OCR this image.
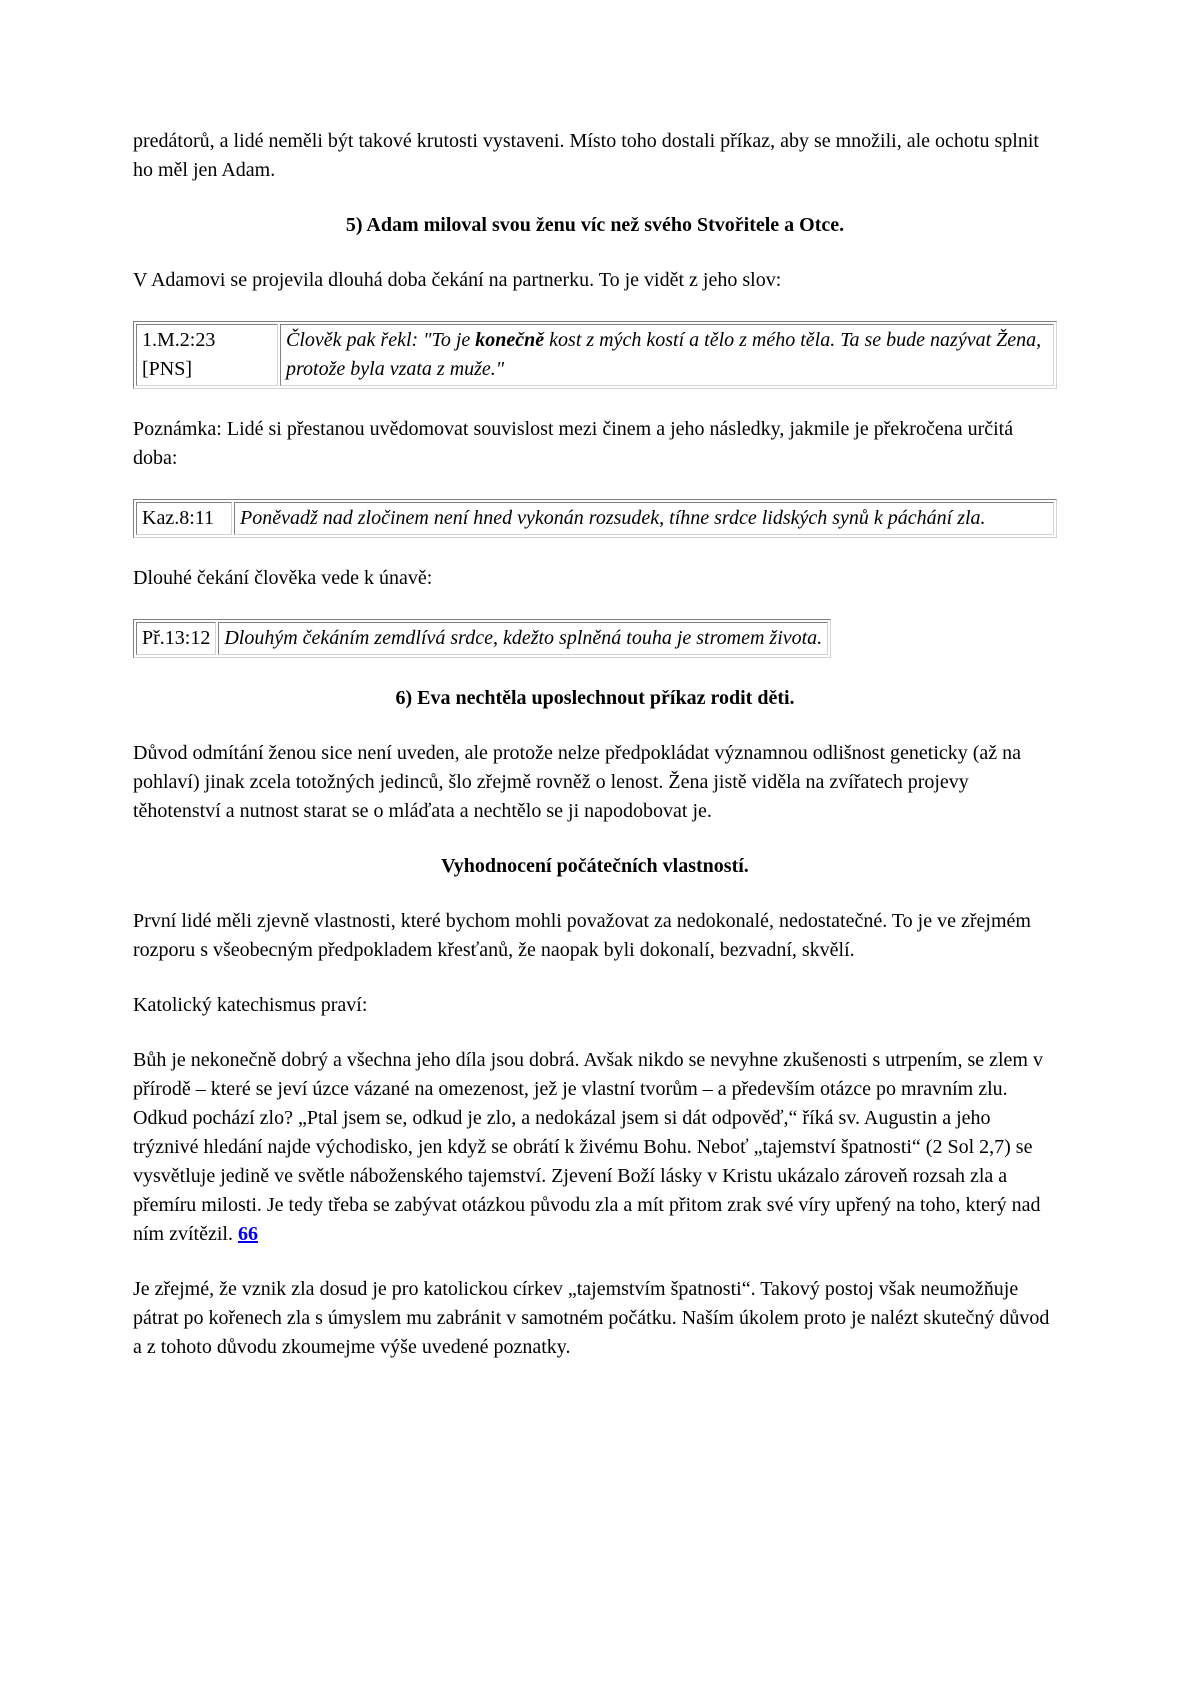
predátorů, a lidé neměli být takové krutosti vystaveni. Místo toho dostali příkaz, aby se množili, ale ochotu splnit ho měl jen Adam.

5) Adam miloval svou ženu víc než svého Stvořitele a Otce.

V Adamovi se projevila dlouhá doba čekání na partnerku. To je vidět z jeho slov:

1.M.2:23
[PNS]	Člověk pak řekl: "To je konečně kost z mých kostí a tělo z mého těla. Ta se bude nazývat Žena, protože byla vzata z muže."

Poznámka: Lidé si přestanou uvědomovat souvislost mezi činem a jeho následky, jakmile je překročena určitá doba:

Kaz.8:11	Poněvadž nad zločinem není hned vykonán rozsudek, tíhne srdce lidských synů k páchání zla.

Dlouhé čekání člověka vede k únavě:

Př.13:12	Dlouhým čekáním zemdlívá srdce, kdežto splněná touha je stromem života.

6) Eva nechtěla uposlechnout příkaz rodit děti.

Důvod odmítání ženou sice není uveden, ale protože nelze předpokládat významnou odlišnost geneticky (až na pohlaví) jinak zcela totožných jedinců, šlo zřejmě rovněž o lenost. Žena jistě viděla na zvířatech projevy těhotenství a nutnost starat se o mláďata a nechtělo se ji napodobovat je.

Vyhodnocení počátečních vlastností.

První lidé měli zjevně vlastnosti, které bychom mohli považovat za nedokonalé, nedostatečné. To je ve zřejmém rozporu s všeobecným předpokladem křesťanů, že naopak byli dokonalí, bezvadní, skvělí.

Katolický katechismus praví:

Bůh je nekonečně dobrý a všechna jeho díla jsou dobrá. Avšak nikdo se nevyhne zkušenosti s utrpením, se zlem v přírodě – které se jeví úzce vázané na omezenost, jež je vlastní tvorům – a především otázce po mravním zlu. Odkud pochází zlo? „Ptal jsem se, odkud je zlo, a nedokázal jsem si dát odpověď,“ říká sv. Augustin a jeho trýznivé hledání najde východisko, jen když se obrátí k živému Bohu. Neboť „tajemství špatnosti“ (2 Sol 2,7) se vysvětluje jedině ve světle náboženského tajemství. Zjevení Boží lásky v Kristu ukázalo zároveň rozsah zla a přemíru milosti. Je tedy třeba se zabývat otázkou původu zla a mít přitom zrak své víry upřený na toho, který nad ním zvítězil. 66

Je zřejmé, že vznik zla dosud je pro katolickou církev „tajemstvím špatnosti“. Takový postoj však neumožňuje pátrat po kořenech zla s úmyslem mu zabránit v samotném počátku. Naším úkolem proto je nalézt skutečný důvod a z tohoto důvodu zkoumejme výše uvedené poznatky.
